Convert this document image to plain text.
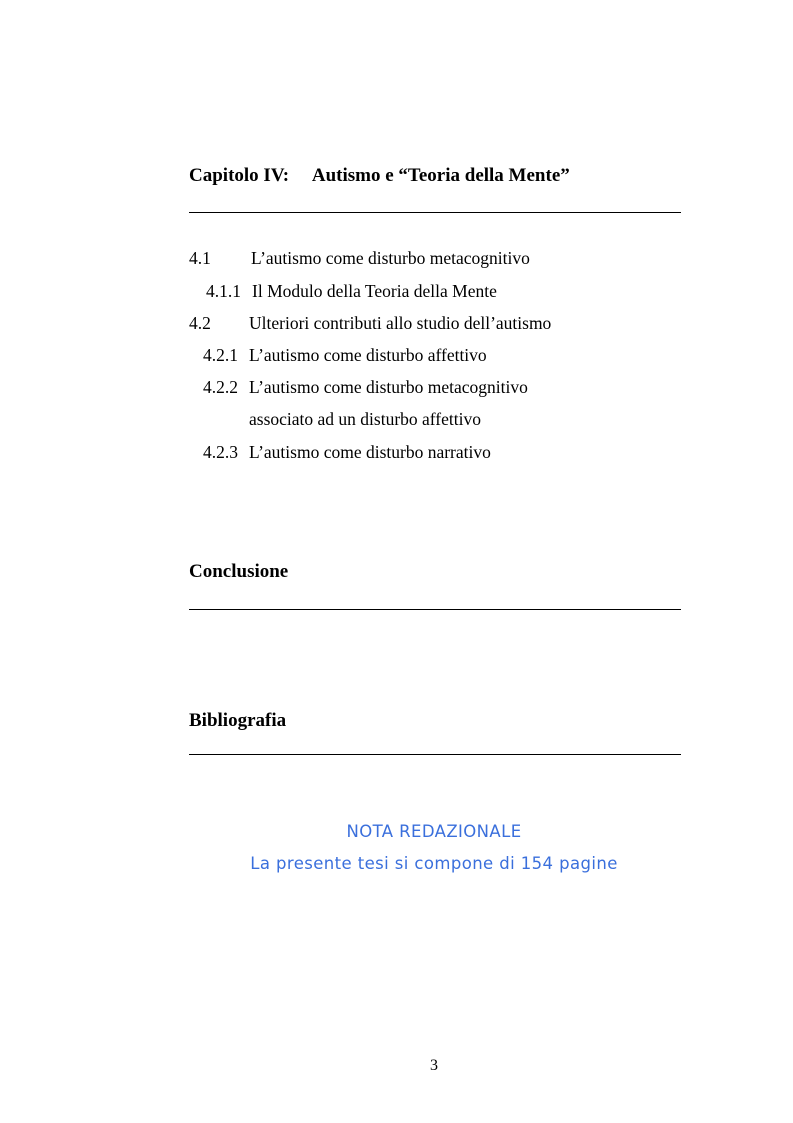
Capitolo IV: Autismo e “Teoria della Mente”
4.1 L’autismo come disturbo metacognitivo
4.1.1 Il Modulo della Teoria della Mente
4.2 Ulteriori contributi allo studio dell’autismo
4.2.1 L’autismo come disturbo affettivo
4.2.2 L’autismo come disturbo metacognitivo
associato ad un disturbo affettivo
4.2.3 L’autismo come disturbo narrativo
Conclusione
Bibliografia
NOTA REDAZIONALE
La presente tesi si compone di 154 pagine
3
